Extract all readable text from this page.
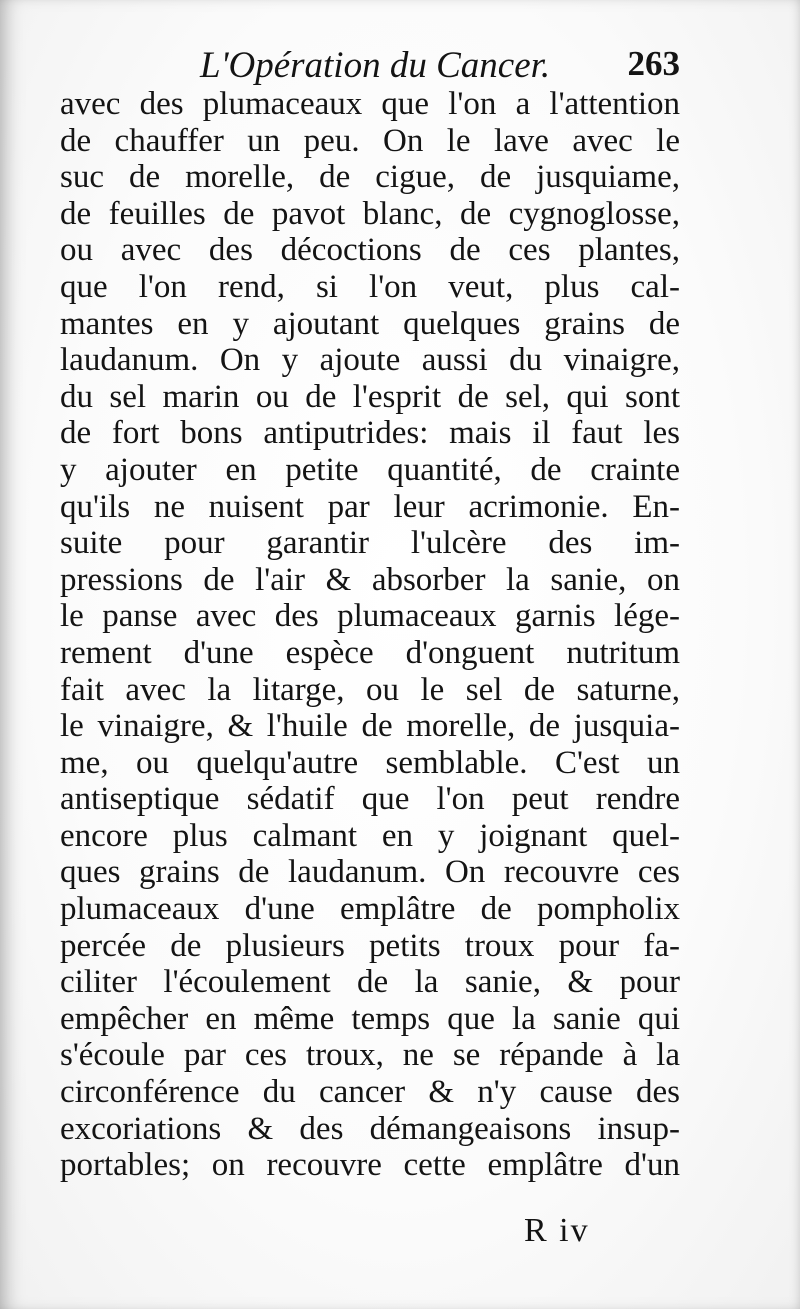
L'Opération du Cancer. 263
avec des plumaceaux que l'on a l'attention
de chauffer un peu. On le lave avec le
suc de morelle, de cigue, de jusquiame,
de feuilles de pavot blanc, de cygnoglosse,
ou avec des décoctions de ces plantes,
que l'on rend, si l'on veut, plus cal-
mantes en y ajoutant quelques grains de
laudanum. On y ajoute aussi du vinaigre,
du sel marin ou de l'esprit de sel, qui sont
de fort bons antiputrides: mais il faut les
y ajouter en petite quantité, de crainte
qu'ils ne nuisent par leur acrimonie. En-
suite pour garantir l'ulcère des im-
pressions de l'air & absorber la sanie, on
le panse avec des plumaceaux garnis lége-
rement d'une espèce d'onguent nutritum
fait avec la litarge, ou le sel de saturne,
le vinaigre, & l'huile de morelle, de jusquia-
me, ou quelqu'autre semblable. C'est un
antiseptique sédatif que l'on peut rendre
encore plus calmant en y joignant quel-
ques grains de laudanum. On recouvre ces
plumaceaux d'une emplâtre de pompholix
percée de plusieurs petits troux pour fa-
ciliter l'écoulement de la sanie, & pour
empêcher en même temps que la sanie qui
s'écoule par ces troux, ne se répande à la
circonférence du cancer & n'y cause des
excoriations & des démangeaisons insup-
portables; on recouvre cette emplâtre d'un
R iv
